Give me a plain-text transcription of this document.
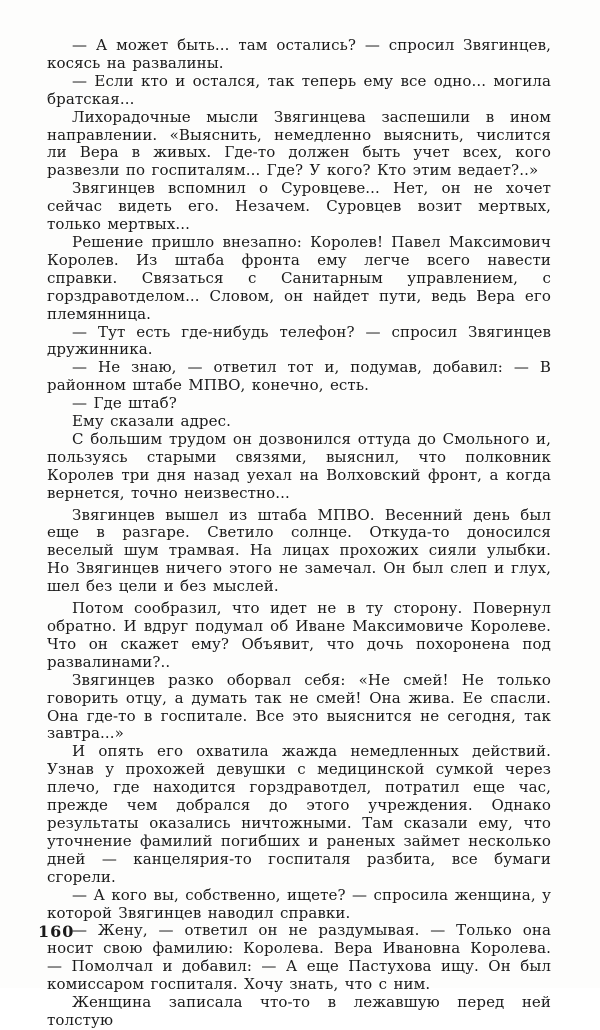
— А может быть... там остались? — спросил Звягинцев, косясь на развалины.

— Если кто и остался, так теперь ему все одно... могила братская...

Лихорадочные мысли Звягинцева заспешили в ином направлении. «Выяснить, немедленно выяснить, числится ли Вера в живых. Где-то должен быть учет всех, кого развезли по госпиталям... Где? У кого? Кто этим ведает?..»

Звягинцев вспомнил о Суровцеве... Нет, он не хочет сейчас видеть его. Незачем. Суровцев возит мертвых, только мертвых...

Решение пришло внезапно: Королев! Павел Максимович Королев. Из штаба фронта ему легче всего навести справки. Связаться с Санитарным управлением, с горздравотделом... Словом, он найдет пути, ведь Вера его племянница.

— Тут есть где-нибудь телефон? — спросил Звягинцев дружинника.

— Не знаю, — ответил тот и, подумав, добавил: — В районном штабе МПВО, конечно, есть.

— Где штаб?

Ему сказали адрес.

С большим трудом он дозвонился оттуда до Смольного и, пользуясь старыми связями, выяснил, что полковник Королев три дня назад уехал на Волховский фронт, а когда вернется, точно неизвестно...

Звягинцев вышел из штаба МПВО. Весенний день был еще в разгаре. Светило солнце. Откуда-то доносился веселый шум трамвая. На лицах прохожих сияли улыбки. Но Звягинцев ничего этого не замечал. Он был слеп и глух, шел без цели и без мыслей.

Потом сообразил, что идет не в ту сторону. Повернул обратно. И вдруг подумал об Иване Максимовиче Королеве. Что он скажет ему? Объявит, что дочь похоронена под развалинами?..

Звягинцев разко оборвал себя: «Не смей! Не только говорить отцу, а думать так не смей! Она жива. Ее спасли. Она где-то в госпитале. Все это выяснится не сегодня, так завтра...»

И опять его охватила жажда немедленных действий. Узнав у прохожей девушки с медицинской сумкой через плечо, где находится горздравотдел, потратил еще час, прежде чем добрался до этого учреждения. Однако результаты оказались ничтожными. Там сказали ему, что уточнение фамилий погибших и раненых займет несколько дней — канцелярия-то госпиталя разбита, все бумаги сгорели.

— А кого вы, собственно, ищете? — спросила женщина, у которой Звягинцев наводил справки.

— Жену, — ответил он не раздумывая. — Только она носит свою фамилию: Королева. Вера Ивановна Королева. — Помолчал и добавил: — А еще Пастухова ищу. Он был комиссаром госпиталя. Хочу знать, что с ним.

Женщина записала что-то в лежавшую перед ней толстую

160
